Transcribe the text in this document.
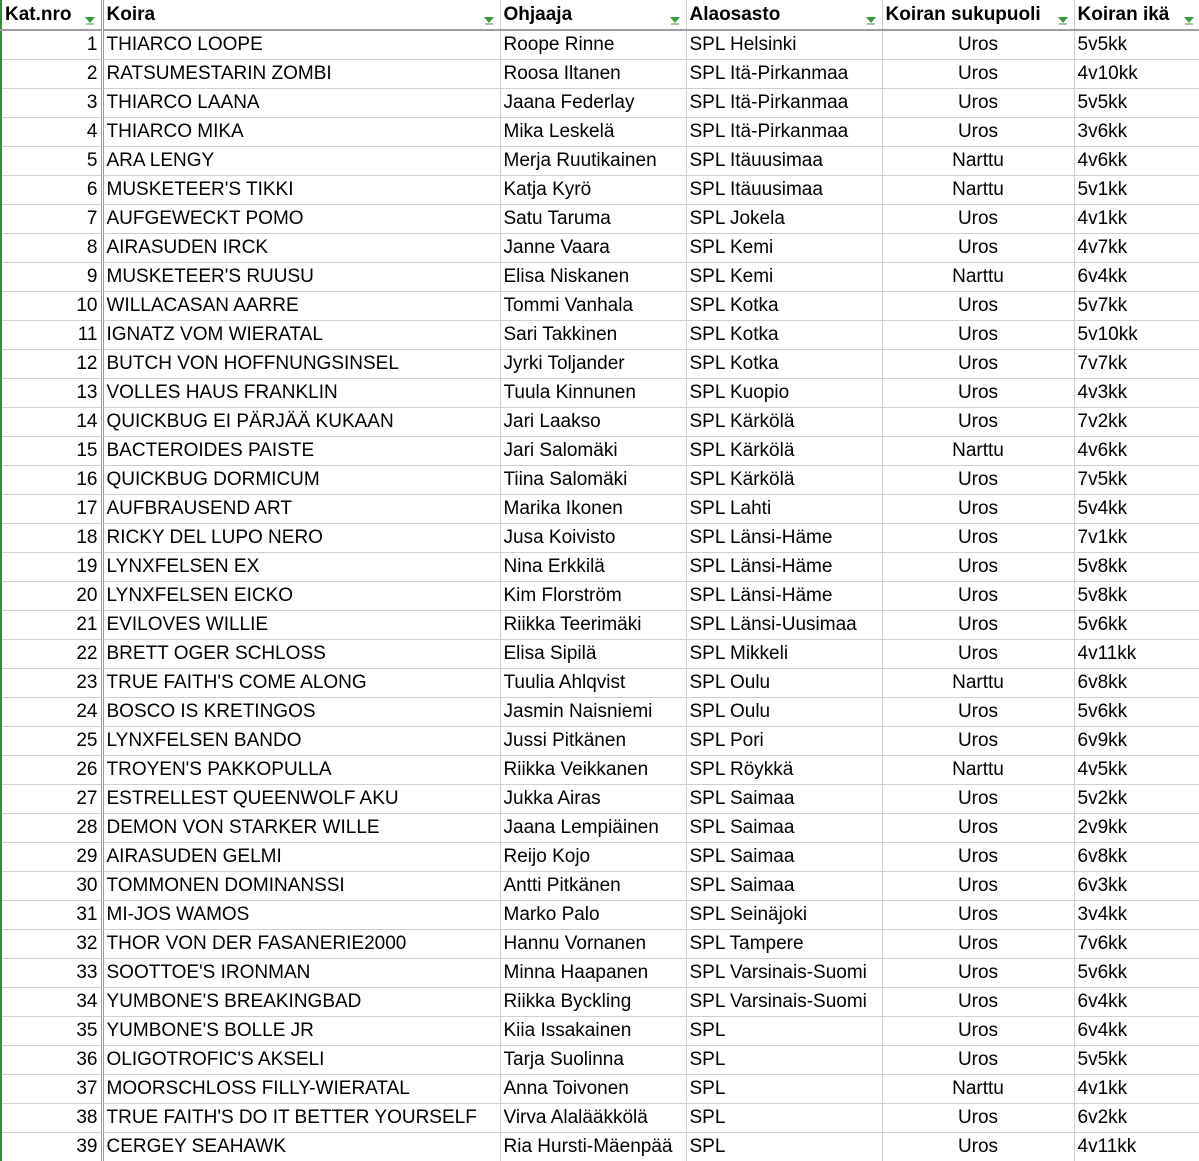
Kat.nro	Koira	Ohjaaja	Alaosasto	Koiran sukupuoli	Koiran ikä

1	THIARCO LOOPE	Roope Rinne	SPL Helsinki	Uros	5v5kk
2	RATSUMESTARIN ZOMBI	Roosa Iltanen	SPL Itä-Pirkanmaa	Uros	4v10kk
3	THIARCO LAANA	Jaana Federlay	SPL Itä-Pirkanmaa	Uros	5v5kk
4	THIARCO MIKA	Mika Leskelä	SPL Itä-Pirkanmaa	Uros	3v6kk
5	ARA LENGY	Merja Ruutikainen	SPL Itäuusimaa	Narttu	4v6kk
6	MUSKETEER'S TIKKI	Katja Kyrö	SPL Itäuusimaa	Narttu	5v1kk
7	AUFGEWECKT POMO	Satu Taruma	SPL Jokela	Uros	4v1kk
8	AIRASUDEN IRCK	Janne Vaara	SPL Kemi	Uros	4v7kk
9	MUSKETEER'S RUUSU	Elisa Niskanen	SPL Kemi	Narttu	6v4kk
10	WILLACASAN AARRE	Tommi Vanhala	SPL Kotka	Uros	5v7kk
11	IGNATZ VOM WIERATAL	Sari Takkinen	SPL Kotka	Uros	5v10kk
12	BUTCH VON HOFFNUNGSINSEL	Jyrki Toljander	SPL Kotka	Uros	7v7kk
13	VOLLES HAUS FRANKLIN	Tuula Kinnunen	SPL Kuopio	Uros	4v3kk
14	QUICKBUG EI PÄRJÄÄ KUKAAN	Jari Laakso	SPL Kärkölä	Uros	7v2kk
15	BACTEROIDES PAISTE	Jari Salomäki	SPL Kärkölä	Narttu	4v6kk
16	QUICKBUG DORMICUM	Tiina Salomäki	SPL Kärkölä	Uros	7v5kk
17	AUFBRAUSEND ART	Marika Ikonen	SPL Lahti	Uros	5v4kk
18	RICKY DEL LUPO NERO	Jusa Koivisto	SPL Länsi-Häme	Uros	7v1kk
19	LYNXFELSEN EX	Nina Erkkilä	SPL Länsi-Häme	Uros	5v8kk
20	LYNXFELSEN EICKO	Kim Florström	SPL Länsi-Häme	Uros	5v8kk
21	EVILOVES WILLIE	Riikka Teerimäki	SPL Länsi-Uusimaa	Uros	5v6kk
22	BRETT OGER SCHLOSS	Elisa Sipilä	SPL Mikkeli	Uros	4v11kk
23	TRUE FAITH'S COME ALONG	Tuulia Ahlqvist	SPL Oulu	Narttu	6v8kk
24	BOSCO IS KRETINGOS	Jasmin Naisniemi	SPL Oulu	Uros	5v6kk
25	LYNXFELSEN BANDO	Jussi Pitkänen	SPL Pori	Uros	6v9kk
26	TROYEN'S PAKKOPULLA	Riikka Veikkanen	SPL Röykkä	Narttu	4v5kk
27	ESTRELLEST QUEENWOLF AKU	Jukka Airas	SPL Saimaa	Uros	5v2kk
28	DEMON VON STARKER WILLE	Jaana Lempiäinen	SPL Saimaa	Uros	2v9kk
29	AIRASUDEN GELMI	Reijo Kojo	SPL Saimaa	Uros	6v8kk
30	TOMMONEN DOMINANSSI	Antti Pitkänen	SPL Saimaa	Uros	6v3kk
31	MI-JOS WAMOS	Marko Palo	SPL Seinäjoki	Uros	3v4kk
32	THOR VON DER FASANERIE2000	Hannu Vornanen	SPL Tampere	Uros	7v6kk
33	SOOTTOE'S IRONMAN	Minna Haapanen	SPL Varsinais-Suomi	Uros	5v6kk
34	YUMBONE'S BREAKINGBAD	Riikka Byckling	SPL Varsinais-Suomi	Uros	6v4kk
35	YUMBONE'S BOLLE JR	Kiia Issakainen	SPL	Uros	6v4kk
36	OLIGOTROFIC'S AKSELI	Tarja Suolinna	SPL	Uros	5v5kk
37	MOORSCHLOSS FILLY-WIERATAL	Anna Toivonen	SPL	Narttu	4v1kk
38	TRUE FAITH'S DO IT BETTER YOURSELF	Virva Alalääkkölä	SPL	Uros	6v2kk
39	CERGEY SEAHAWK	Ria Hursti-Mäenpää	SPL	Uros	4v11kk
